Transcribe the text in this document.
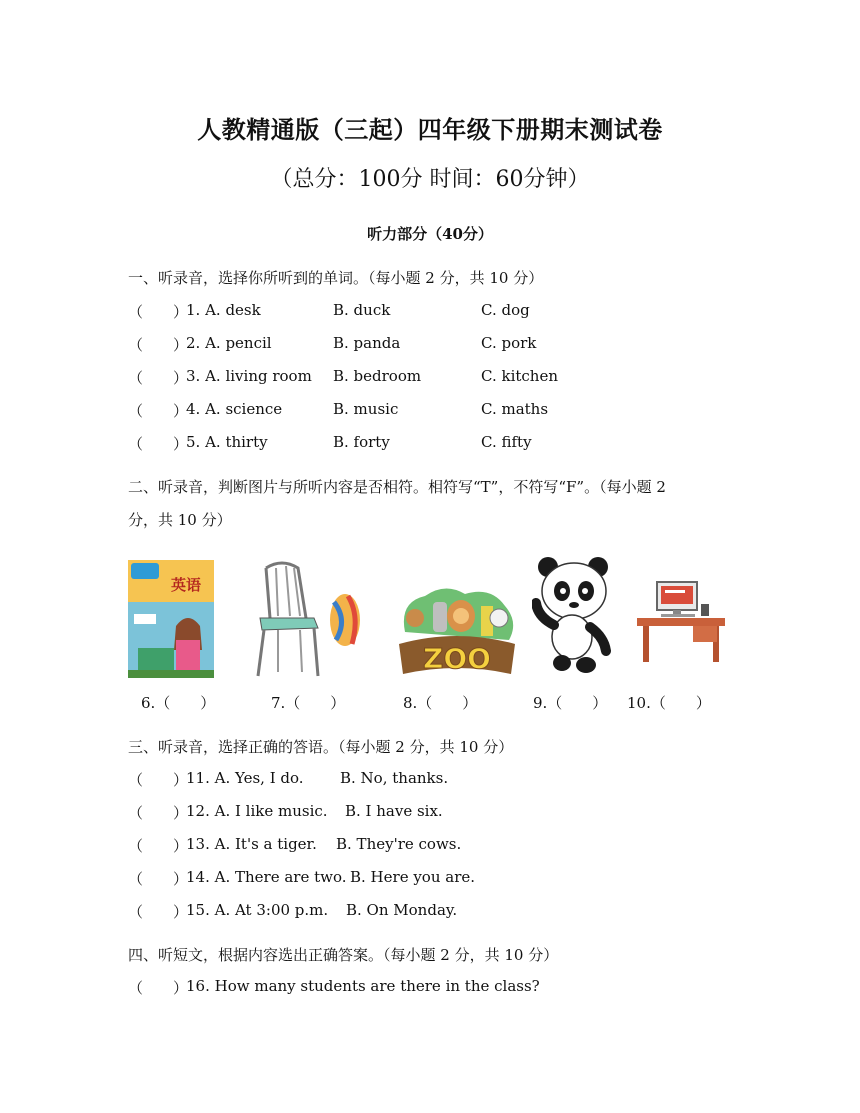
人教精通版（三起）四年级下册期末测试卷
（总分：100分 时间：60分钟）
听力部分（40分）
一、听录音，选择你所听到的单词。（每小题 2 分，共 10 分）
（　　）
1. A. desk	B. duck	C. dog
（　　）
2. A. pencil	B. panda	C. pork
（　　）
3. A. living room B. bedroom	C. kitchen
（　　）
4. A. science	B. music	C. maths
（　　）
5. A. thirty	B. forty	C. fifty
二、听录音，判断图片与所听内容是否相符。相符写“T”，不符写“F”。（每小题 2
分，共 10 分）
英语
ZOO
6.（　　）	7.（　　）	8.（　　）	9.（　　） 10.（　　）
三、听录音，选择正确的答语。（每小题 2 分，共 10 分）
（　　）
11. A. Yes, I do. B. No, thanks.
（　　）
12. A. I like music. B. I have six.
（　　）
13. A. It's a tiger. B. They're cows.
（　　）
14. A. There are two. B. Here you are.
（　　）
15. A. At 3:00 p.m. B. On Monday.
四、听短文，根据内容选出正确答案。（每小题 2 分，共 10 分）
（　　）
16. How many students are there in the class?
